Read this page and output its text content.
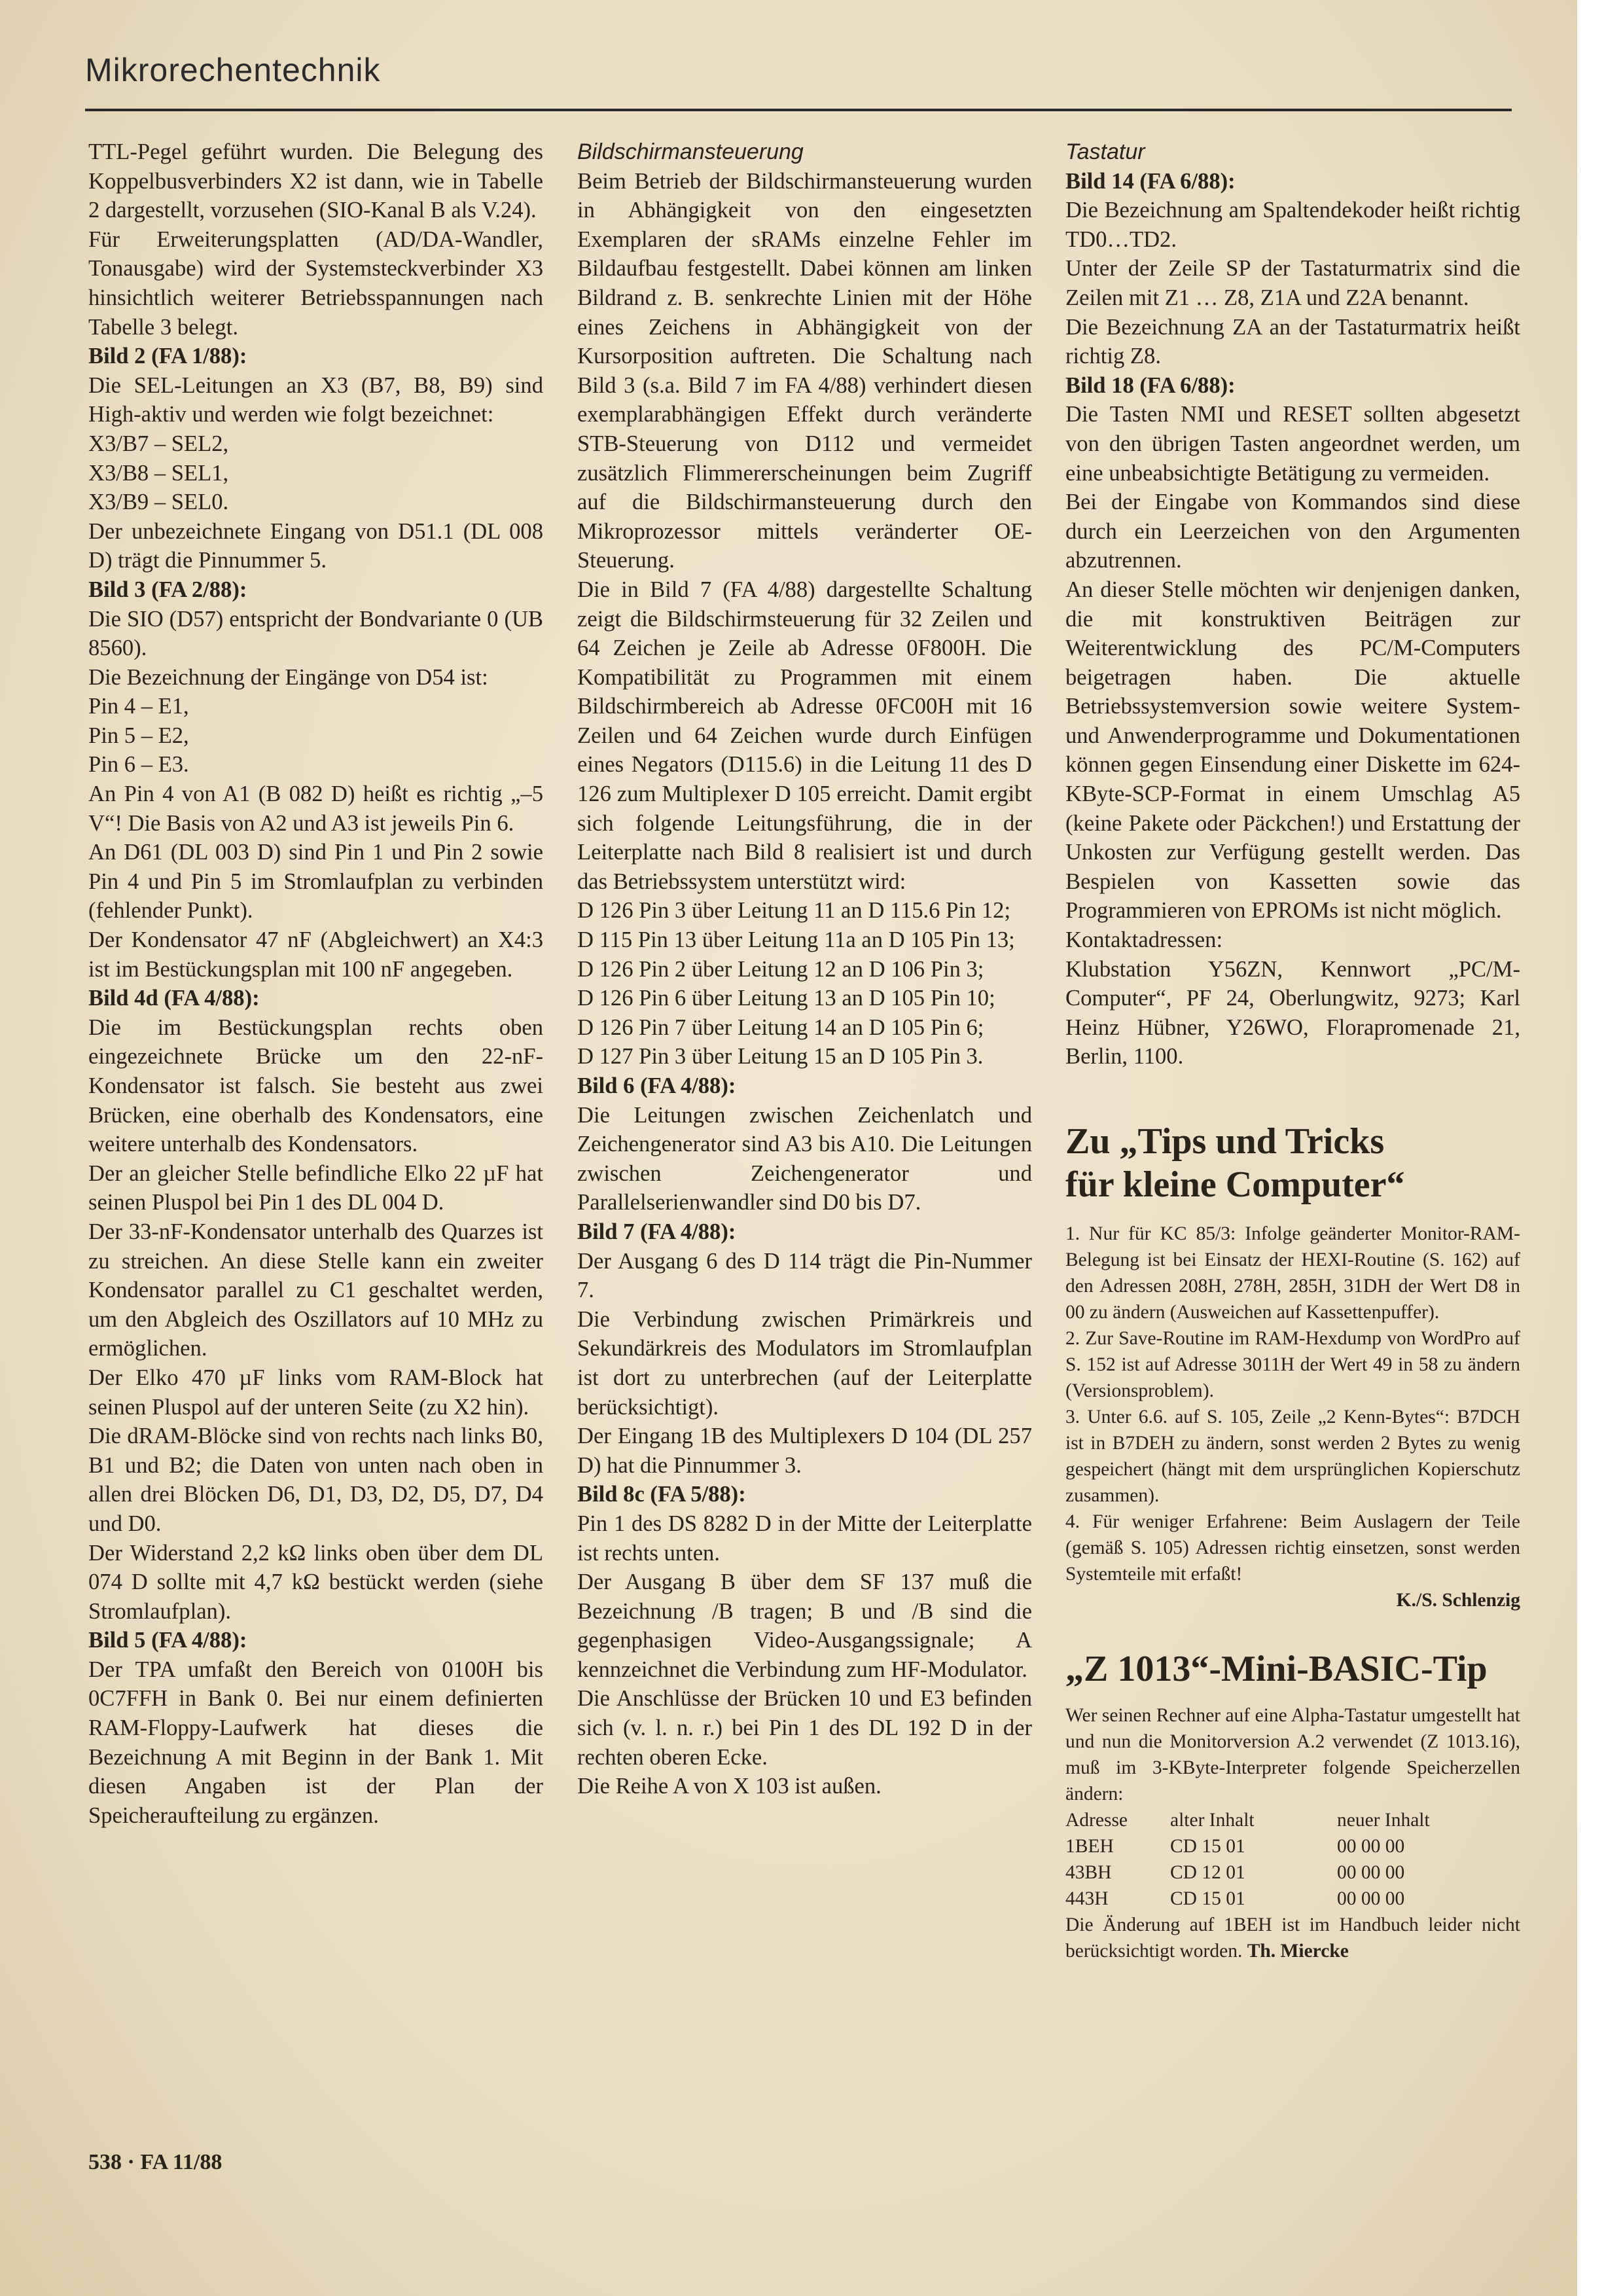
Mikrorechentechnik

TTL-Pegel geführt wurden. Die Belegung des Koppelbusverbinders X2 ist dann, wie in Tabelle 2 dargestellt, vorzusehen (SIO-Kanal B als V.24).

Für Erweiterungsplatten (AD/DA-Wandler, Tonausgabe) wird der Systemsteckverbinder X3 hinsichtlich weiterer Betriebsspannungen nach Tabelle 3 belegt.

Bild 2 (FA 1/88):

Die SEL-Leitungen an X3 (B7, B8, B9) sind High-aktiv und werden wie folgt bezeichnet:

X3/B7 – SEL2,

X3/B8 – SEL1,

X3/B9 – SEL0.

Der unbezeichnete Eingang von D51.1 (DL 008 D) trägt die Pinnummer 5.

Bild 3 (FA 2/88):

Die SIO (D57) entspricht der Bondvariante 0 (UB 8560).

Die Bezeichnung der Eingänge von D54 ist:

Pin 4 – E1,

Pin 5 – E2,

Pin 6 – E3.

An Pin 4 von A1 (B 082 D) heißt es richtig „–5 V“! Die Basis von A2 und A3 ist jeweils Pin 6.

An D61 (DL 003 D) sind Pin 1 und Pin 2 sowie Pin 4 und Pin 5 im Stromlaufplan zu verbinden (fehlender Punkt).

Der Kondensator 47 nF (Abgleichwert) an X4:3 ist im Bestückungsplan mit 100 nF angegeben.

Bild 4d (FA 4/88):

Die im Bestückungsplan rechts oben eingezeichnete Brücke um den 22-nF-Kondensator ist falsch. Sie besteht aus zwei Brücken, eine oberhalb des Kondensators, eine weitere unterhalb des Kondensators.

Der an gleicher Stelle befindliche Elko 22 µF hat seinen Pluspol bei Pin 1 des DL 004 D.

Der 33-nF-Kondensator unterhalb des Quarzes ist zu streichen. An diese Stelle kann ein zweiter Kondensator parallel zu C1 geschaltet werden, um den Abgleich des Oszillators auf 10 MHz zu ermöglichen.

Der Elko 470 µF links vom RAM-Block hat seinen Pluspol auf der unteren Seite (zu X2 hin).

Die dRAM-Blöcke sind von rechts nach links B0, B1 und B2; die Daten von unten nach oben in allen drei Blöcken D6, D1, D3, D2, D5, D7, D4 und D0.

Der Widerstand 2,2 kΩ links oben über dem DL 074 D sollte mit 4,7 kΩ bestückt werden (siehe Stromlaufplan).

Bild 5 (FA 4/88):

Der TPA umfaßt den Bereich von 0100H bis 0C7FFH in Bank 0. Bei nur einem definierten RAM-Floppy-Laufwerk hat dieses die Bezeichnung A mit Beginn in der Bank 1. Mit diesen Angaben ist der Plan der Speicheraufteilung zu ergänzen.

Bildschirmansteuerung

Beim Betrieb der Bildschirmansteuerung wurden in Abhängigkeit von den eingesetzten Exemplaren der sRAMs einzelne Fehler im Bildaufbau festgestellt. Dabei können am linken Bildrand z. B. senkrechte Linien mit der Höhe eines Zeichens in Abhängigkeit von der Kursorposition auftreten. Die Schaltung nach Bild 3 (s.a. Bild 7 im FA 4/88) verhindert diesen exemplarabhängigen Effekt durch veränderte STB-Steuerung von D112 und vermeidet zusätzlich Flimmererscheinungen beim Zugriff auf die Bildschirmansteuerung durch den Mikroprozessor mittels veränderter OE-Steuerung.

Die in Bild 7 (FA 4/88) dargestellte Schaltung zeigt die Bildschirmsteuerung für 32 Zeilen und 64 Zeichen je Zeile ab Adresse 0F800H. Die Kompatibilität zu Programmen mit einem Bildschirmbereich ab Adresse 0FC00H mit 16 Zeilen und 64 Zeichen wurde durch Einfügen eines Negators (D115.6) in die Leitung 11 des D 126 zum Multiplexer D 105 erreicht. Damit ergibt sich folgende Leitungsführung, die in der Leiterplatte nach Bild 8 realisiert ist und durch das Betriebssystem unterstützt wird:

D 126 Pin 3 über Leitung 11 an D 115.6 Pin 12;

D 115 Pin 13 über Leitung 11a an D 105 Pin 13;

D 126 Pin 2 über Leitung 12 an D 106 Pin 3;

D 126 Pin 6 über Leitung 13 an D 105 Pin 10;

D 126 Pin 7 über Leitung 14 an D 105 Pin 6;

D 127 Pin 3 über Leitung 15 an D 105 Pin 3.

Bild 6 (FA 4/88):

Die Leitungen zwischen Zeichenlatch und Zeichengenerator sind A3 bis A10. Die Leitungen zwischen Zeichengenerator und Parallelserienwandler sind D0 bis D7.

Bild 7 (FA 4/88):

Der Ausgang 6 des D 114 trägt die Pin-Nummer 7.

Die Verbindung zwischen Primärkreis und Sekundärkreis des Modulators im Stromlaufplan ist dort zu unterbrechen (auf der Leiterplatte berücksichtigt).

Der Eingang 1B des Multiplexers D 104 (DL 257 D) hat die Pinnummer 3.

Bild 8c (FA 5/88):

Pin 1 des DS 8282 D in der Mitte der Leiterplatte ist rechts unten.

Der Ausgang B über dem SF 137 muß die Bezeichnung /B tragen; B und /B sind die gegenphasigen Video-Ausgangssignale; A kennzeichnet die Verbindung zum HF-Modulator.

Die Anschlüsse der Brücken 10 und E3 befinden sich (v. l. n. r.) bei Pin 1 des DL 192 D in der rechten oberen Ecke.

Die Reihe A von X 103 ist außen.

Tastatur

Bild 14 (FA 6/88):

Die Bezeichnung am Spaltendekoder heißt richtig TD0…TD2.

Unter der Zeile SP der Tastaturmatrix sind die Zeilen mit Z1 … Z8, Z1A und Z2A benannt.

Die Bezeichnung ZA an der Tastaturmatrix heißt richtig Z8.

Bild 18 (FA 6/88):

Die Tasten NMI und RESET sollten abgesetzt von den übrigen Tasten angeordnet werden, um eine unbeabsichtigte Betätigung zu vermeiden.

Bei der Eingabe von Kommandos sind diese durch ein Leerzeichen von den Argumenten abzutrennen.

An dieser Stelle möchten wir denjenigen danken, die mit konstruktiven Beiträgen zur Weiterentwicklung des PC/M-Computers beigetragen haben. Die aktuelle Betriebssystemversion sowie weitere System- und Anwenderprogramme und Dokumentationen können gegen Einsendung einer Diskette im 624-KByte-SCP-Format in einem Umschlag A5 (keine Pakete oder Päckchen!) und Erstattung der Unkosten zur Verfügung gestellt werden. Das Bespielen von Kassetten sowie das Programmieren von EPROMs ist nicht möglich.

Kontaktadressen:

Klubstation Y56ZN, Kennwort „PC/M-Computer“, PF 24, Oberlungwitz, 9273; Karl Heinz Hübner, Y26WO, Florapromenade 21, Berlin, 1100.

Zu „Tips und Tricks
für kleine Computer“

1. Nur für KC 85/3: Infolge geänderter Monitor-RAM-Belegung ist bei Einsatz der HEXI-Routine (S. 162) auf den Adressen 208H, 278H, 285H, 31DH der Wert D8 in 00 zu ändern (Ausweichen auf Kassettenpuffer).

2. Zur Save-Routine im RAM-Hexdump von WordPro auf S. 152 ist auf Adresse 3011H der Wert 49 in 58 zu ändern (Versionsproblem).

3. Unter 6.6. auf S. 105, Zeile „2 Kenn-Bytes“: B7DCH ist in B7DEH zu ändern, sonst werden 2 Bytes zu wenig gespeichert (hängt mit dem ursprünglichen Kopierschutz zusammen).

4. Für weniger Erfahrene: Beim Auslagern der Teile (gemäß S. 105) Adressen richtig einsetzen, sonst werden Systemteile mit erfaßt!

K./S. Schlenzig

„Z 1013“-Mini-BASIC-Tip

Wer seinen Rechner auf eine Alpha-Tastatur umgestellt hat und nun die Monitorversion A.2 verwendet (Z 1013.16), muß im 3-KByte-Interpreter folgende Speicherzellen ändern:

Adresse	alter Inhalt	neuer Inhalt
1BEH	CD 15 01	00 00 00
43BH	CD 12 01	00 00 00
443H	CD 15 01	00 00 00

Die Änderung auf 1BEH ist im Handbuch leider nicht berücksichtigt worden. Th. Miercke

538 · FA 11/88
